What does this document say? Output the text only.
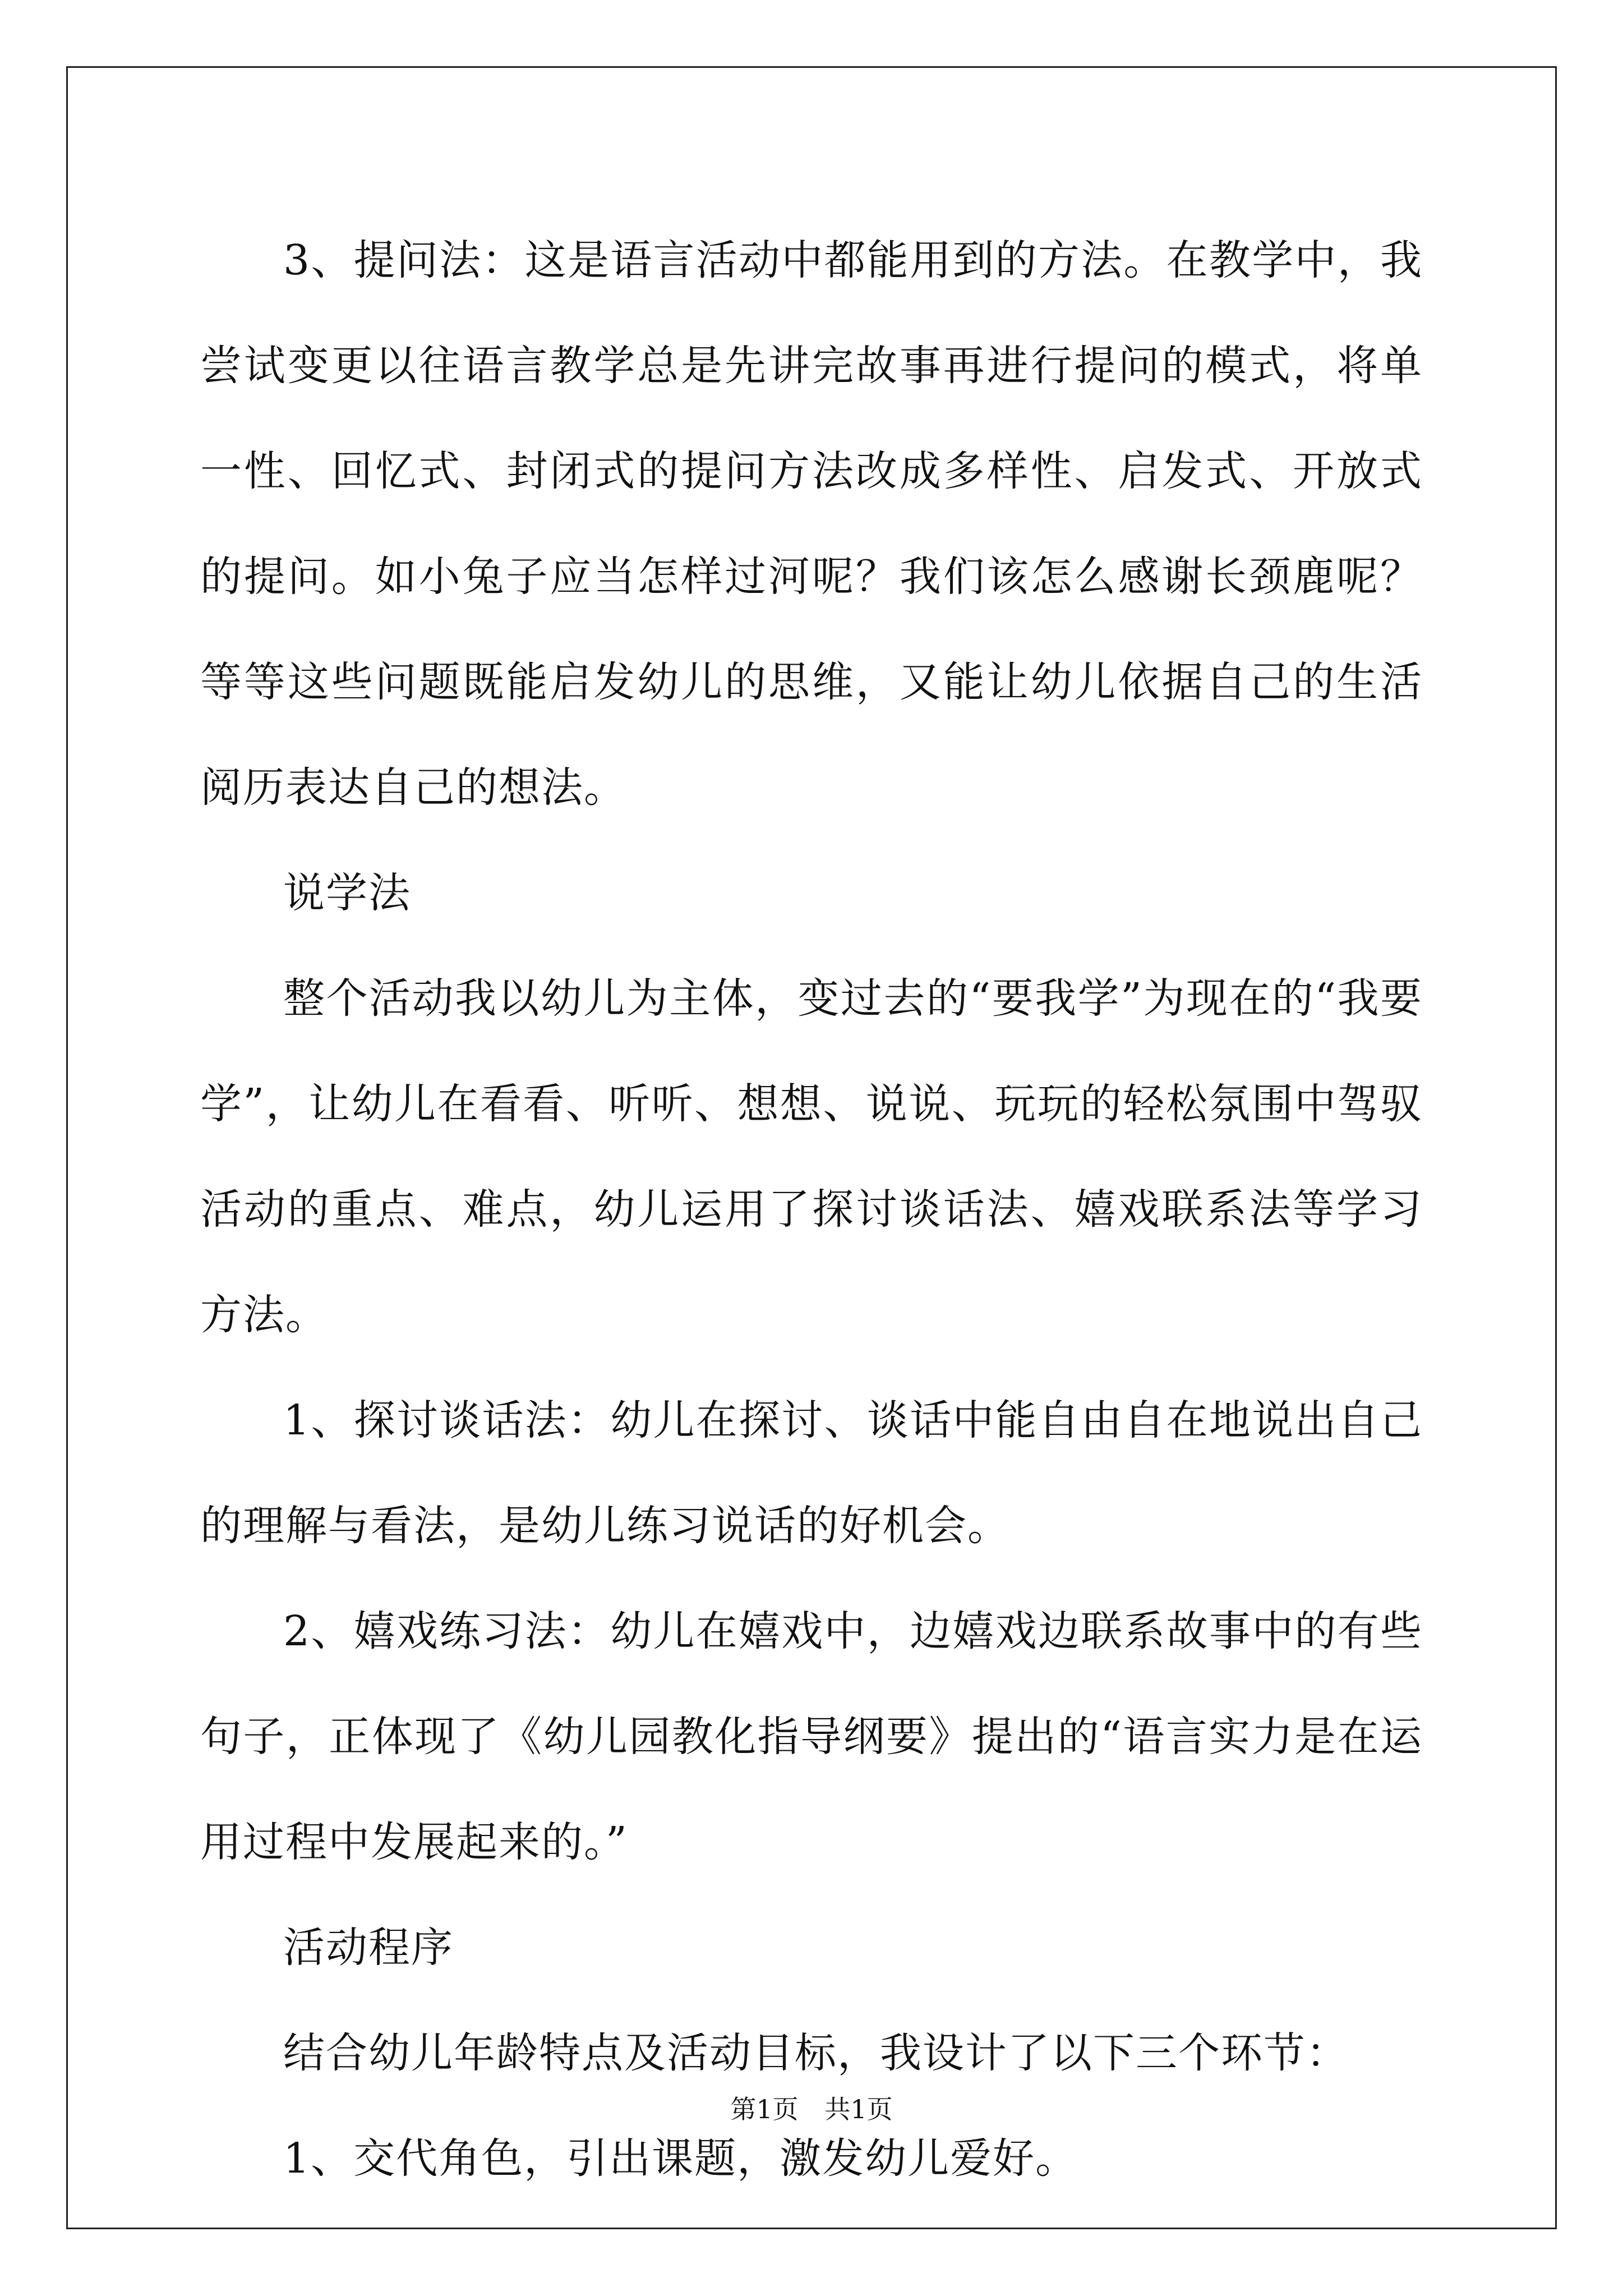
3、提问法：这是语言活动中都能用到的方法。在教学中，我尝试变更以往语言教学总是先讲完故事再进行提问的模式，将单一性、回忆式、封闭式的提问方法改成多样性、启发式、开放式的提问。如小兔子应当怎样过河呢？我们该怎么感谢长颈鹿呢？等等这些问题既能启发幼儿的思维，又能让幼儿依据自己的生活阅历表达自己的想法。

说学法

整个活动我以幼儿为主体，变过去的“要我学”为现在的“我要学”，让幼儿在看看、听听、想想、说说、玩玩的轻松氛围中驾驭活动的重点、难点，幼儿运用了探讨谈话法、嬉戏联系法等学习方法。

1、探讨谈话法：幼儿在探讨、谈话中能自由自在地说出自己的理解与看法，是幼儿练习说话的好机会。

2、嬉戏练习法：幼儿在嬉戏中，边嬉戏边联系故事中的有些句子，正体现了《幼儿园教化指导纲要》提出的“语言实力是在运用过程中发展起来的。”

活动程序

结合幼儿年龄特点及活动目标，我设计了以下三个环节：

1、交代角色，引出课题，激发幼儿爱好。

第1页 共1页
